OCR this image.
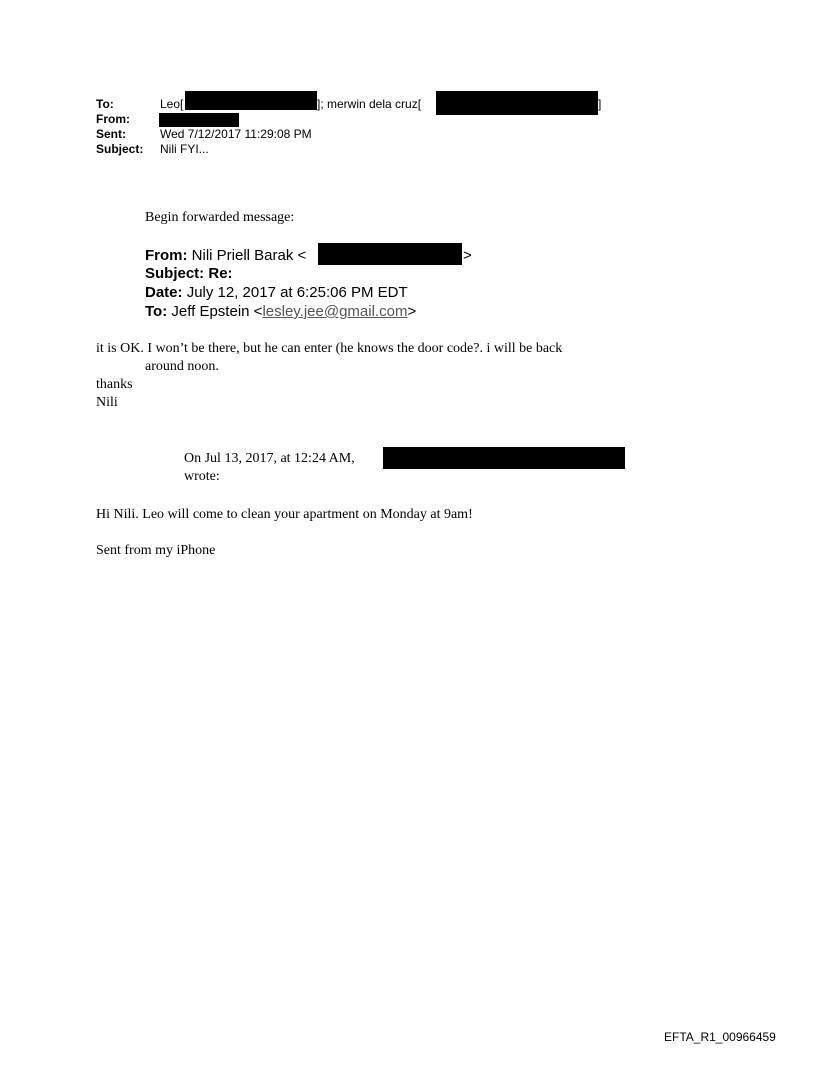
To:	Leo[	]; merwin dela cruz[	]
From:
Sent:	Wed 7/12/2017 11:29:08 PM
Subject: Nili FYI...
Begin forwarded message:
From: Nili Priell Barak <	>
Subject: Re:
Date: July 12, 2017 at 6:25:06 PM EDT
To: Jeff Epstein <lesley.jee@gmail.com>
it is OK. I won’t be there, but he can enter (he knows the door code?. i will be back
around noon.
thanks
Nili
On Jul 13, 2017, at 12:24 AM,
wrote:
Hi Nili. Leo will come to clean your apartment on Monday at 9am!
Sent from my iPhone
EFTA_R1_00966459
